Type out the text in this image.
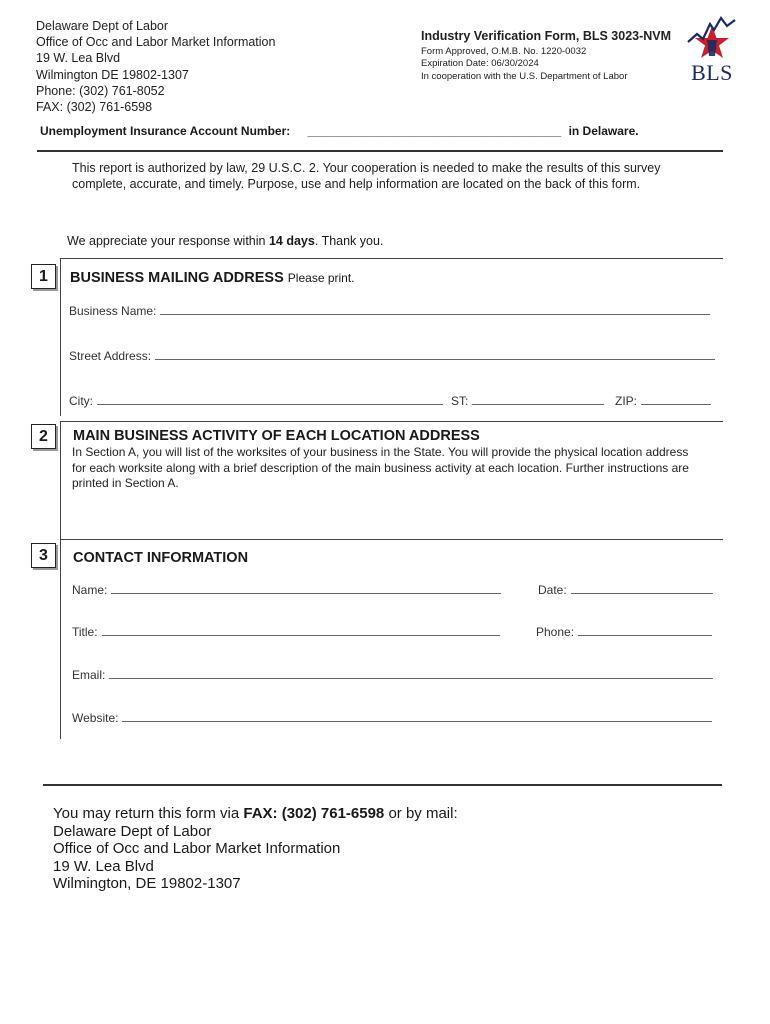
Delaware Dept of Labor
Office of Occ and Labor Market Information
19 W. Lea Blvd
Wilmington DE 19802-1307
Phone: (302) 761-8052
FAX: (302) 761-6598
Industry Verification Form, BLS 3023-NVM
Form Approved, O.M.B. No. 1220-0032
Expiration Date: 06/30/2024
In cooperation with the U.S. Department of Labor	BLS
Unemployment Insurance Account Number: ______________________________________ in Delaware.
This report is authorized by law, 29 U.S.C. 2. Your cooperation is needed to make the results of this survey complete, accurate, and timely. Purpose, use and help information are located on the back of this form.
We appreciate your response within 14 days. Thank you.
1	BUSINESS MAILING ADDRESS Please print.
Business Name:
Street Address:
City:	ST:	ZIP:
2	MAIN BUSINESS ACTIVITY OF EACH LOCATION ADDRESS
In Section A, you will list of the worksites of your business in the State. You will provide the physical location address for each worksite along with a brief description of the main business activity at each location. Further instructions are printed in Section A.
3	CONTACT INFORMATION
Name:	Date:
Title:	Phone:
Email:
Website:
You may return this form via FAX: (302) 761-6598 or by mail:
Delaware Dept of Labor
Office of Occ and Labor Market Information
19 W. Lea Blvd
Wilmington, DE 19802-1307
